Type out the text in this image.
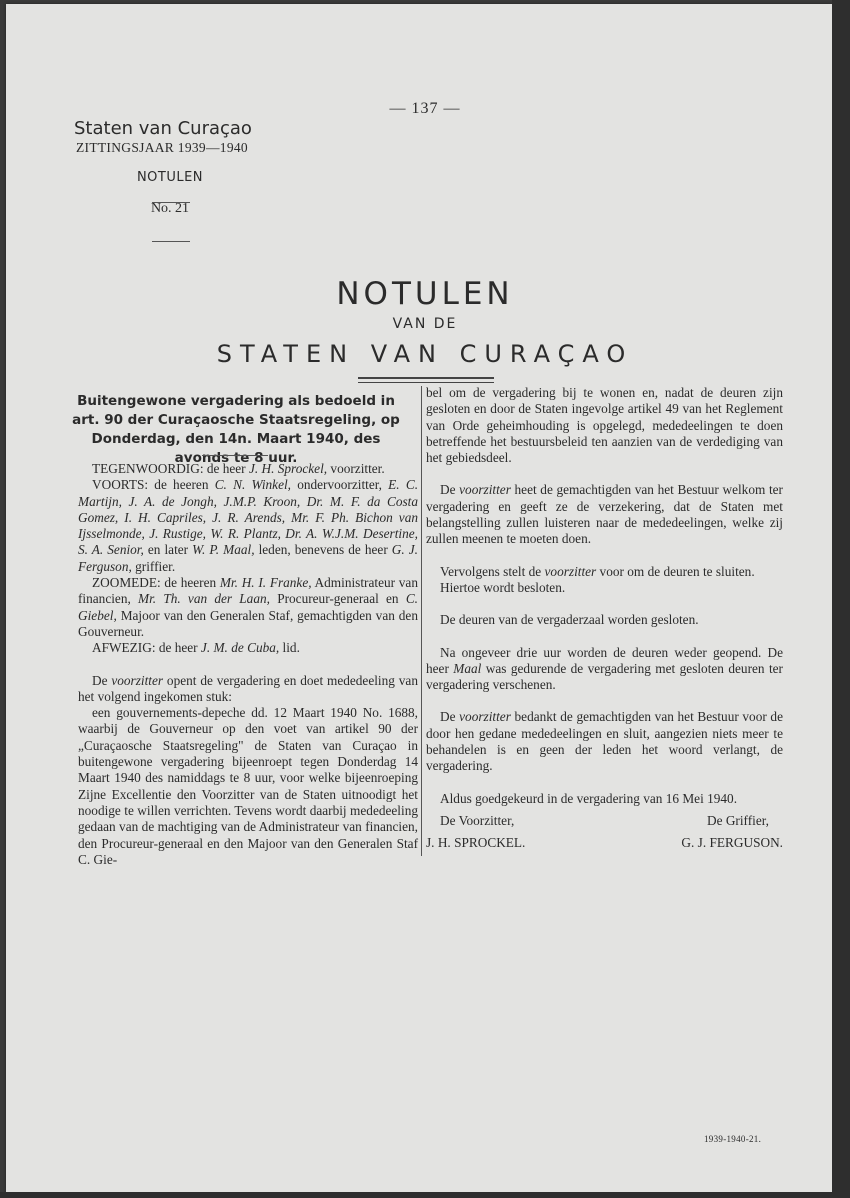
— 137 —
Staten van Curaçao
ZITTINGSJAAR 1939—1940
NOTULEN
No. 21
NOTULEN
VAN DE
STATEN VAN CURAÇAO
Buitengewone vergadering als bedoeld in art. 90 der Curaçaosche Staatsregeling, op Donderdag, den 14n. Maart 1940, des avonds te 8 uur.

TEGENWOORDIG: de heer J. H. Sprockel, voorzitter.

VOORTS: de heeren C. N. Winkel, ondervoorzitter, E. C. Martijn, J. A. de Jongh, J.M.P. Kroon, Dr. M. F. da Costa Gomez, I. H. Capriles, J. R. Arends, Mr. F. Ph. Bichon van Ijsselmonde, J. Rustige, W. R. Plantz, Dr. A. W.J.M. Desertine, S. A. Senior, en later W. P. Maal, leden, benevens de heer G. J. Ferguson, griffier.

ZOOMEDE: de heeren Mr. H. I. Franke, Administrateur van financien, Mr. Th. van der Laan, Procureur-generaal en C. Giebel, Majoor van den Generalen Staf, gemachtigden van den Gouverneur.

AFWEZIG: de heer J. M. de Cuba, lid.

De voorzitter opent de vergadering en doet mededeeling van het volgend ingekomen stuk:

een gouvernements-depeche dd. 12 Maart 1940 No. 1688, waarbij de Gouverneur op den voet van artikel 90 der „Curaçaosche Staatsregeling" de Staten van Curaçao in buitengewone vergadering bijeenroept tegen Donderdag 14 Maart 1940 des namiddags te 8 uur, voor welke bijeenroeping Zijne Excellentie den Voorzitter van de Staten uitnoodigt het noodige te willen verrichten. Tevens wordt daarbij mededeeling gedaan van de machtiging van de Administrateur van financien, den Procureur-generaal en den Majoor van den Generalen Staf C. Gie-

bel om de vergadering bij te wonen en, nadat de deuren zijn gesloten en door de Staten ingevolge artikel 49 van het Reglement van Orde geheimhouding is opgelegd, mededeelingen te doen betreffende het bestuursbeleid ten aanzien van de verdediging van het gebiedsdeel.

De voorzitter heet de gemachtigden van het Bestuur welkom ter vergadering en geeft ze de verzekering, dat de Staten met belangstelling zullen luisteren naar de mededeelingen, welke zij zullen meenen te moeten doen.

Vervolgens stelt de voorzitter voor om de deuren te sluiten.

Hiertoe wordt besloten.

De deuren van de vergaderzaal worden gesloten.

Na ongeveer drie uur worden de deuren weder geopend. De heer Maal was gedurende de vergadering met gesloten deuren ter vergadering verschenen.

De voorzitter bedankt de gemachtigden van het Bestuur voor de door hen gedane mededeelingen en sluit, aangezien niets meer te behandelen is en geen der leden het woord verlangt, de vergadering.

Aldus goedgekeurd in de vergadering van 16 Mei 1940.

De Voorzitter,	De Griffier,
J. H. SPROCKEL.	G. J. FERGUSON.
1939-1940-21.
